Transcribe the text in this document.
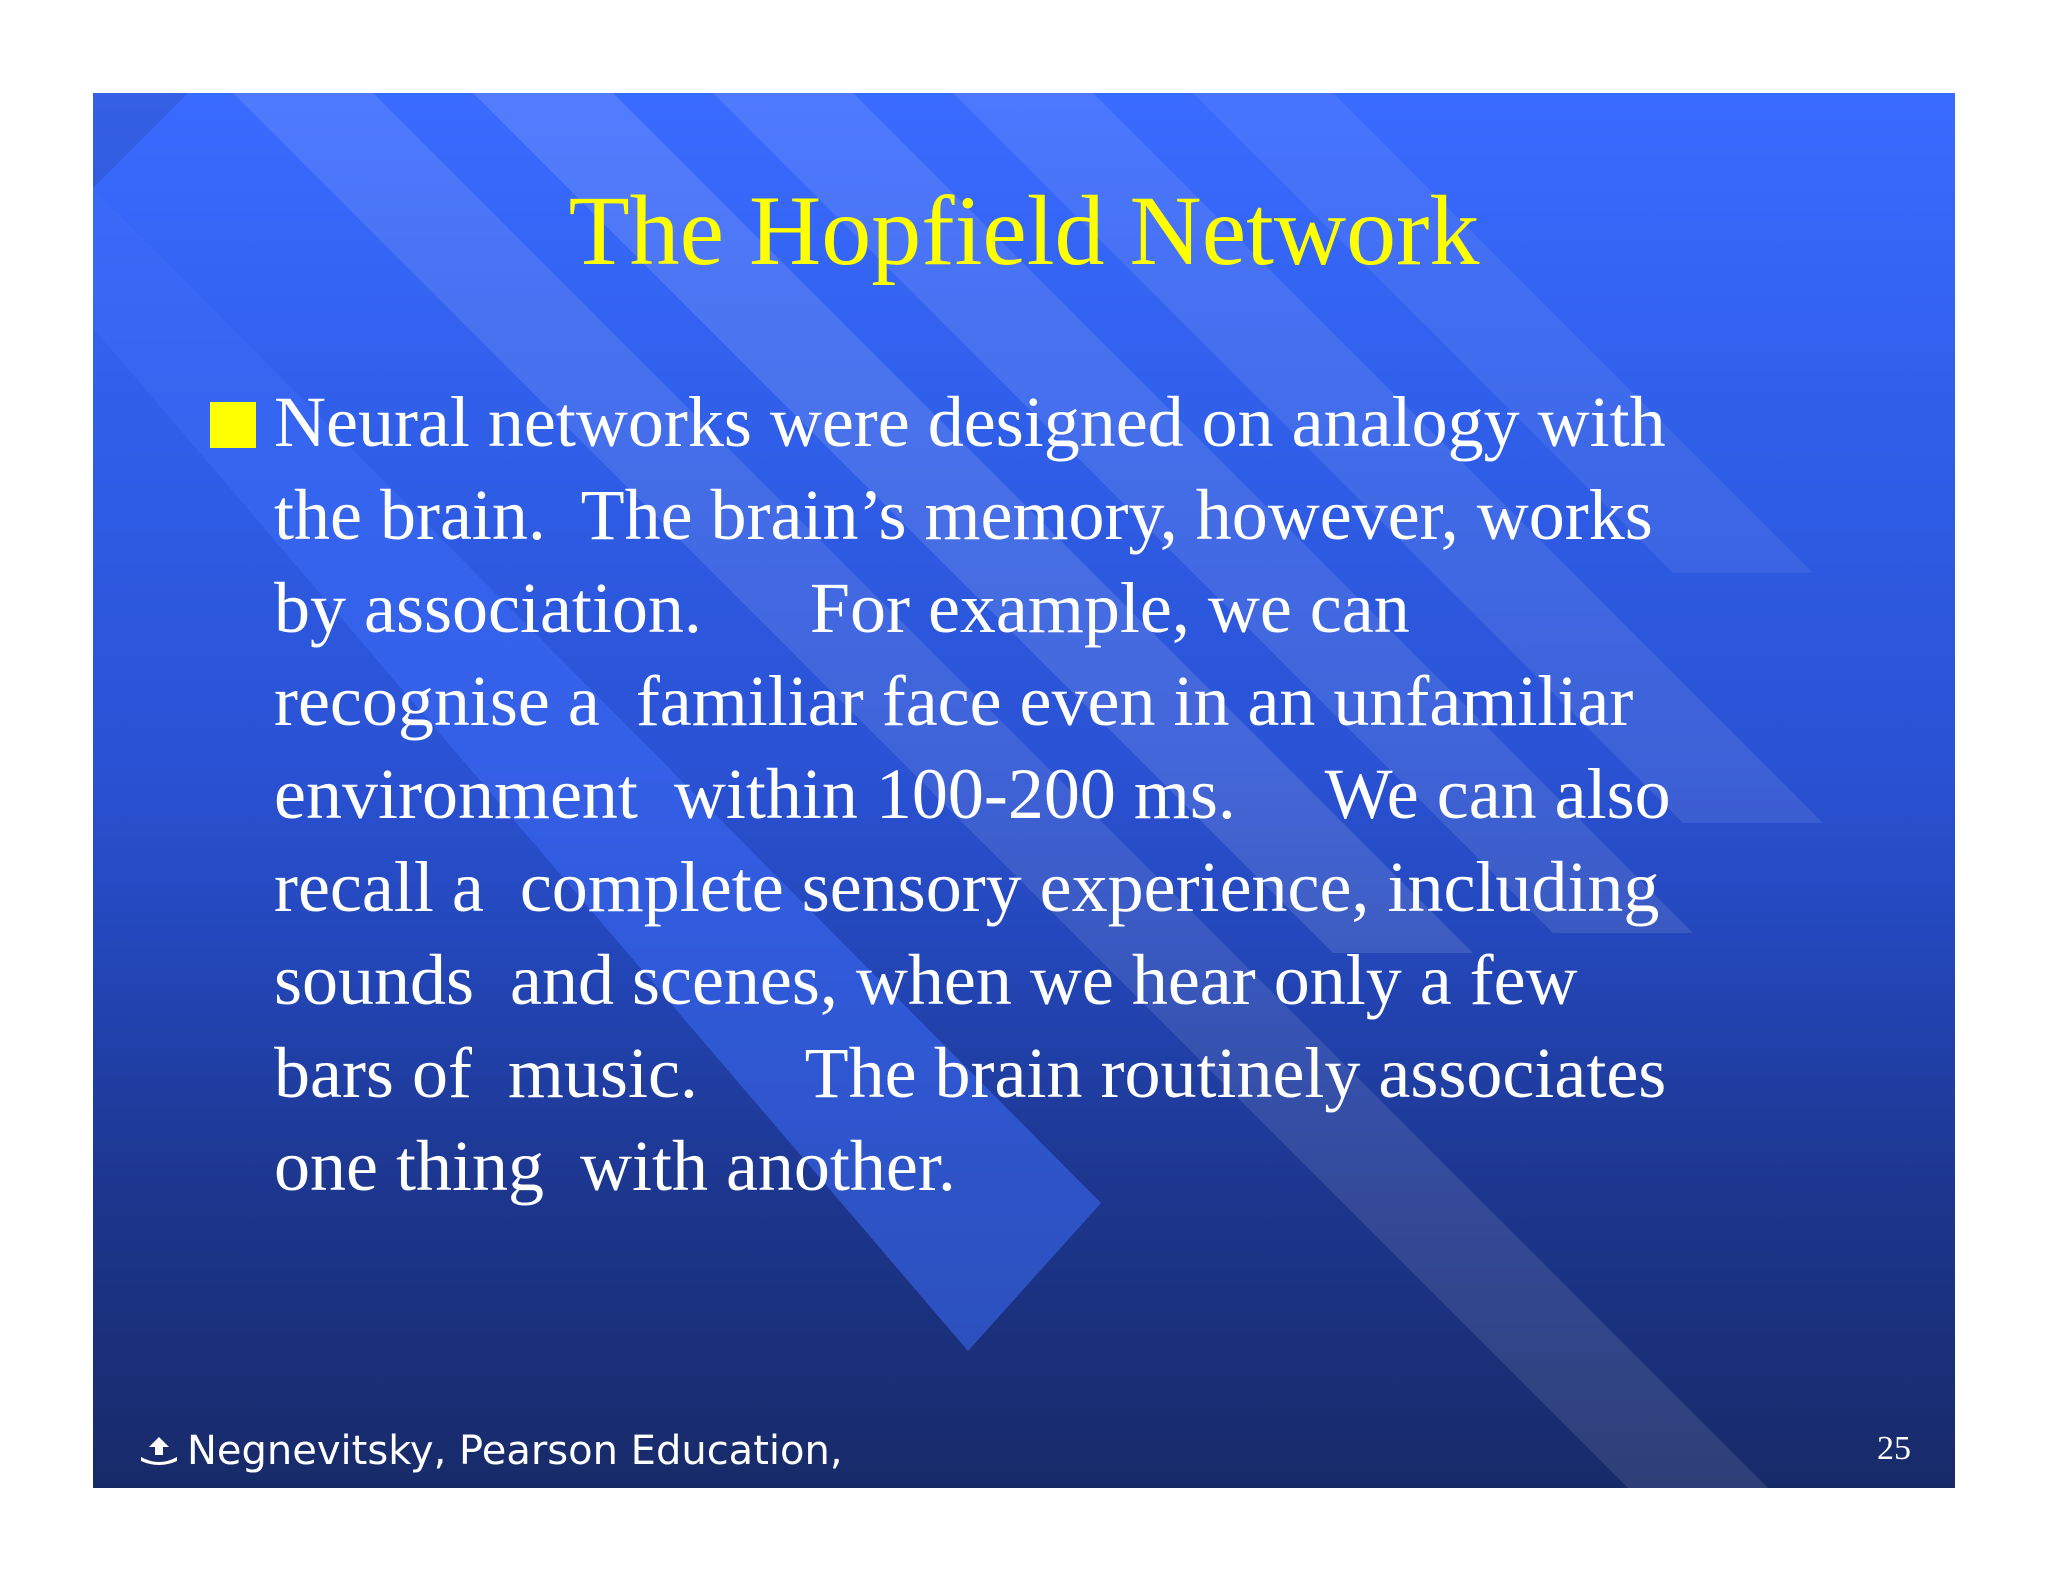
The Hopfield Network
Neural networks were designed on analogy with
the brain.  The brain’s memory, however, works
by association.      For example, we can
recognise a  familiar face even in an unfamiliar
environment  within 100-200 ms.     We can also
recall a  complete sensory experience, including
sounds  and scenes, when we hear only a few
bars of  music.      The brain routinely associates
one thing  with another.
Negnevitsky, Pearson Education,	25
